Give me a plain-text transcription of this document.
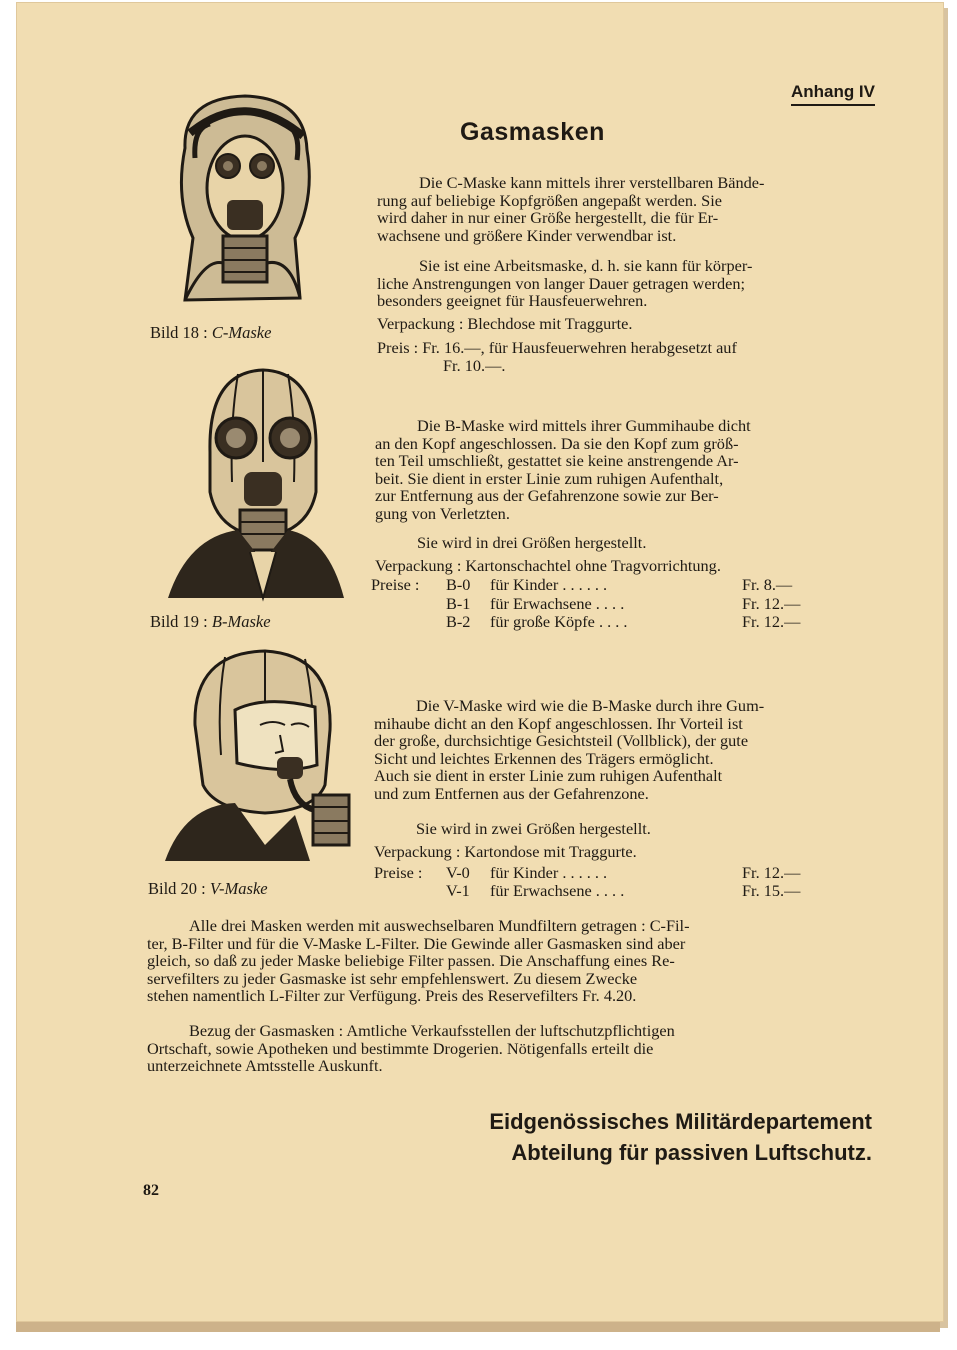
Anhang IV
Gasmasken
Bild 18 : C-Maske
Bild 19 : B-Maske
Bild 20 : V-Maske
Die C-Maske kann mittels ihrer verstellbaren Bände-
rung auf beliebige Kopfgrößen angepaßt werden. Sie
wird daher in nur einer Größe hergestellt, die für Er-
wachsene und größere Kinder verwendbar ist.
Sie ist eine Arbeitsmaske, d. h. sie kann für körper-
liche Anstrengungen von langer Dauer getragen werden;
besonders geeignet für Hausfeuerwehren.
Verpackung : Blechdose mit Traggurte.
Preis : Fr. 16.—, für Hausfeuerwehren herabgesetzt auf
Fr. 10.—.
Die B-Maske wird mittels ihrer Gummihaube dicht
an den Kopf angeschlossen. Da sie den Kopf zum größ-
ten Teil umschließt, gestattet sie keine anstrengende Ar-
beit. Sie dient in erster Linie zum ruhigen Aufenthalt,
zur Entfernung aus der Gefahrenzone sowie zur Ber-
gung von Verletzten.
Sie wird in drei Größen hergestellt.
Verpackung : Kartonschachtel ohne Tragvorrichtung.
Preise : B-0 für Kinder . . . . . .	Fr. 8.—
B-1 für Erwachsene . . . .	Fr. 12.—
B-2 für große Köpfe . . . .	Fr. 12.—
Die V-Maske wird wie die B-Maske durch ihre Gum-
mihaube dicht an den Kopf angeschlossen. Ihr Vorteil ist
der große, durchsichtige Gesichtsteil (Vollblick), der gute
Sicht und leichtes Erkennen des Trägers ermöglicht.
Auch sie dient in erster Linie zum ruhigen Aufenthalt
und zum Entfernen aus der Gefahrenzone.
Sie wird in zwei Größen hergestellt.
Verpackung : Kartondose mit Traggurte.
Preise : V-0 für Kinder . . . . . .	Fr. 12.—
V-1 für Erwachsene . . . .	Fr. 15.—
Alle drei Masken werden mit auswechselbaren Mundfiltern getragen : C-Fil-
ter, B-Filter und für die V-Maske L-Filter. Die Gewinde aller Gasmasken sind aber
gleich, so daß zu jeder Maske beliebige Filter passen. Die Anschaffung eines Re-
servefilters zu jeder Gasmaske ist sehr empfehlenswert. Zu diesem Zwecke
stehen namentlich L-Filter zur Verfügung. Preis des Reservefilters Fr. 4.20.
Bezug der Gasmasken : Amtliche Verkaufsstellen der luftschutzpflichtigen
Ortschaft, sowie Apotheken und bestimmte Drogerien. Nötigenfalls erteilt die
unterzeichnete Amtsstelle Auskunft.
Eidgenössisches Militärdepartement
Abteilung für passiven Luftschutz.
82
